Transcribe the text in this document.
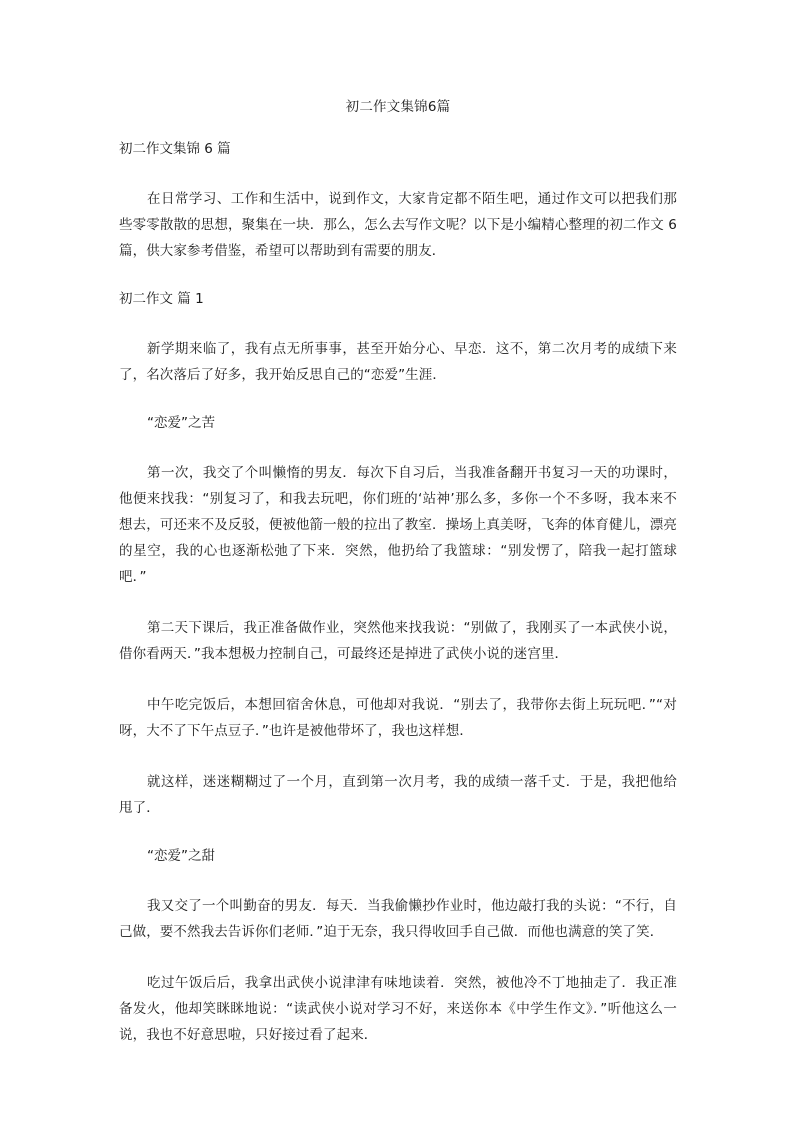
初二作文集锦6篇
初二作文集锦 6 篇

在日常学习、工作和生活中，说到作文，大家肯定都不陌生吧，通过作文可以把我们那些零零散散的思想，聚集在一块．那么，怎么去写作文呢？以下是小编精心整理的初二作文 6 篇，供大家参考借鉴，希望可以帮助到有需要的朋友．

初二作文 篇 1

新学期来临了，我有点无所事事，甚至开始分心、早恋．这不，第二次月考的成绩下来了，名次落后了好多，我开始反思自己的“恋爱”生涯．

“恋爱”之苦

第一次，我交了个叫懒惰的男友．每次下自习后，当我准备翻开书复习一天的功课时，他便来找我：“别复习了，和我去玩吧，你们班的‘站神’那么多，多你一个不多呀，我本来不想去，可还来不及反驳，便被他箭一般的拉出了教室．操场上真美呀，飞奔的体育健儿，漂亮的星空，我的心也逐渐松弛了下来．突然，他扔给了我篮球：“别发愣了，陪我一起打篮球吧．”

第二天下课后，我正准备做作业，突然他来找我说：“别做了，我刚买了一本武侠小说，借你看两天．”我本想极力控制自己，可最终还是掉进了武侠小说的迷宫里．

中午吃完饭后，本想回宿舍休息，可他却对我说．“别去了，我带你去街上玩玩吧．”“对呀，大不了下午点豆子．”也许是被他带坏了，我也这样想．

就这样，迷迷糊糊过了一个月，直到第一次月考，我的成绩一落千丈．于是，我把他给甩了．

“恋爱”之甜

我又交了一个叫勤奋的男友．每天．当我偷懒抄作业时，他边敲打我的头说：“不行，自己做，要不然我去告诉你们老师．”迫于无奈，我只得收回手自己做．而他也满意的笑了笑．

吃过午饭后后，我拿出武侠小说津津有味地读着．突然，被他冷不丁地抽走了．我正准备发火，他却笑眯眯地说：“读武侠小说对学习不好，来送你本《中学生作文》．”听他这么一说，我也不好意思啦，只好接过看了起来．
